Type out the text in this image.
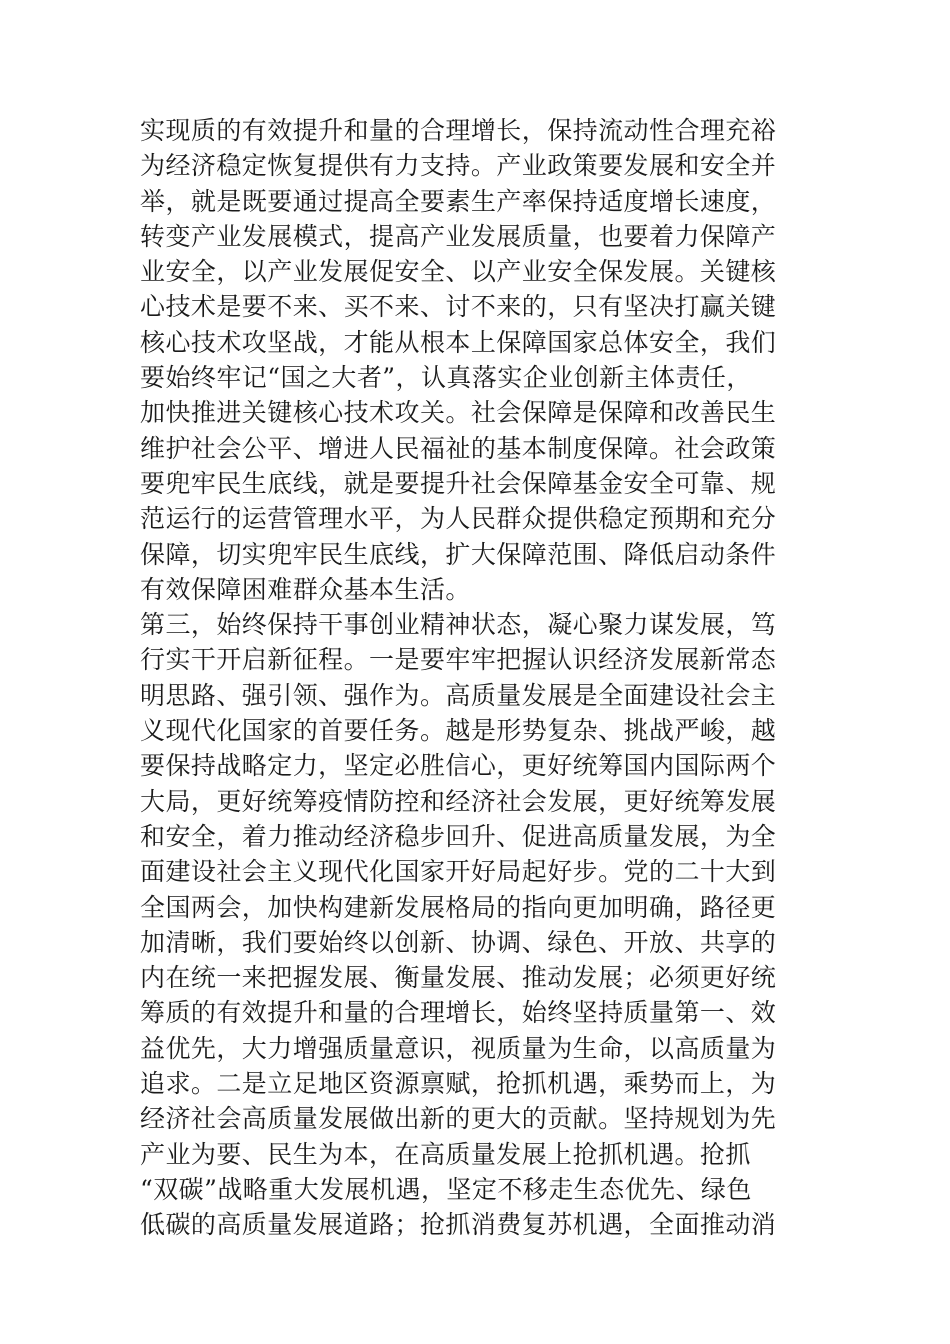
实现质的有效提升和量的合理增长，保持流动性合理充裕
为经济稳定恢复提供有力支持。产业政策要发展和安全并
举，就是既要通过提高全要素生产率保持适度增长速度，
转变产业发展模式，提高产业发展质量，也要着力保障产
业安全，以产业发展促安全、以产业安全保发展。关键核
心技术是要不来、买不来、讨不来的，只有坚决打赢关键
核心技术攻坚战，才能从根本上保障国家总体安全，我们
要始终牢记“国之大者”，认真落实企业创新主体责任，
加快推进关键核心技术攻关。社会保障是保障和改善民生
维护社会公平、增进人民福祉的基本制度保障。社会政策
要兜牢民生底线，就是要提升社会保障基金安全可靠、规
范运行的运营管理水平，为人民群众提供稳定预期和充分
保障，切实兜牢民生底线，扩大保障范围、降低启动条件
有效保障困难群众基本生活。
第三，始终保持干事创业精神状态，凝心聚力谋发展，笃
行实干开启新征程。一是要牢牢把握认识经济发展新常态
明思路、强引领、强作为。高质量发展是全面建设社会主
义现代化国家的首要任务。越是形势复杂、挑战严峻，越
要保持战略定力，坚定必胜信心，更好统筹国内国际两个
大局，更好统筹疫情防控和经济社会发展，更好统筹发展
和安全，着力推动经济稳步回升、促进高质量发展，为全
面建设社会主义现代化国家开好局起好步。党的二十大到
全国两会，加快构建新发展格局的指向更加明确，路径更
加清晰，我们要始终以创新、协调、绿色、开放、共享的
内在统一来把握发展、衡量发展、推动发展；必须更好统
筹质的有效提升和量的合理增长，始终坚持质量第一、效
益优先，大力增强质量意识，视质量为生命，以高质量为
追求。二是立足地区资源禀赋，抢抓机遇，乘势而上，为
经济社会高质量发展做出新的更大的贡献。坚持规划为先
产业为要、民生为本，在高质量发展上抢抓机遇。抢抓
“双碳”战略重大发展机遇，坚定不移走生态优先、绿色
低碳的高质量发展道路；抢抓消费复苏机遇，全面推动消
